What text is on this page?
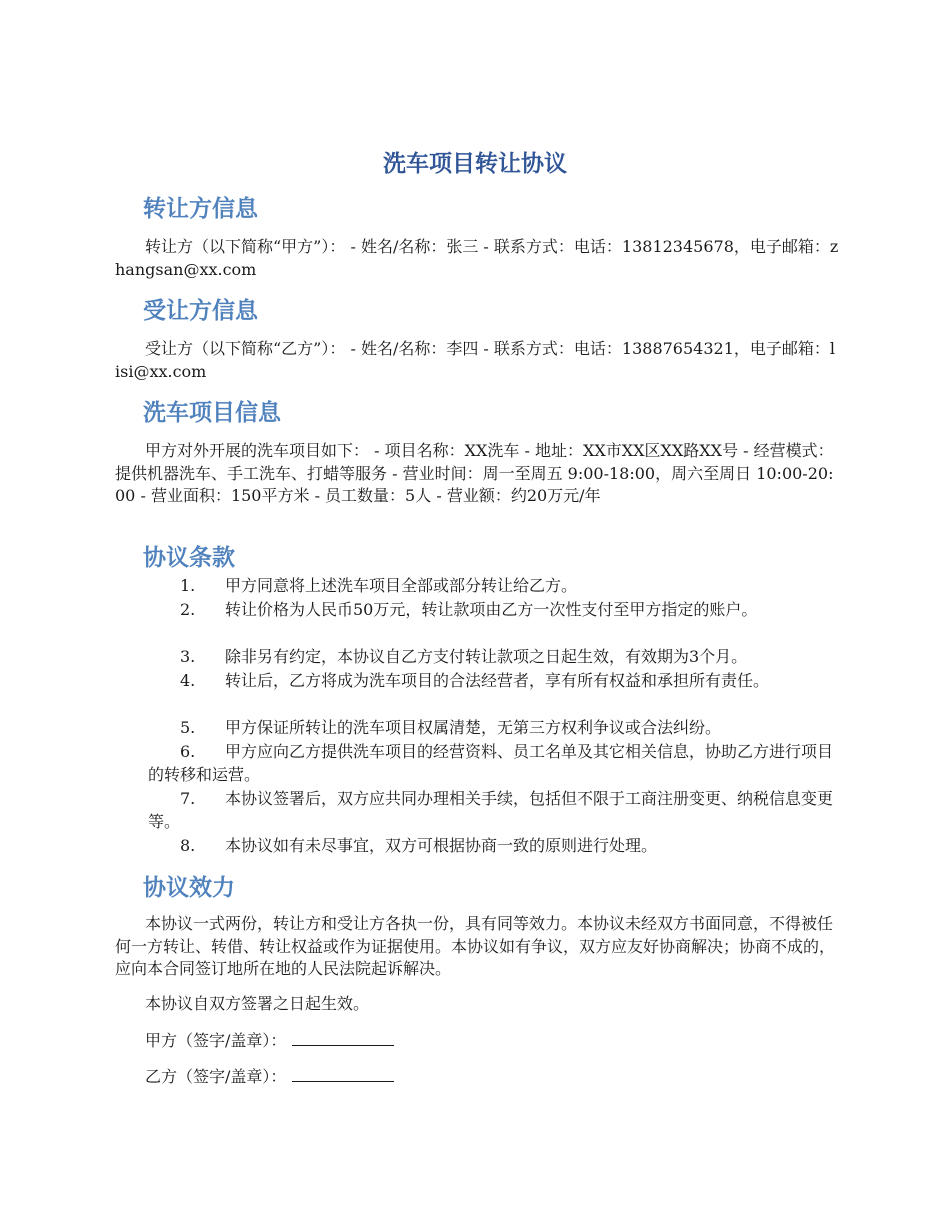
洗车项目转让协议
转让方信息
转让方（以下简称“甲方”）： - 姓名/名称：张三 - 联系方式：电话：13812345678，电子邮箱：zhangsan@xx.com
受让方信息
受让方（以下简称“乙方”）： - 姓名/名称：李四 - 联系方式：电话：13887654321，电子邮箱：lisi@xx.com
洗车项目信息
甲方对外开展的洗车项目如下： - 项目名称：XX洗车 - 地址：XX市XX区XX路XX号 - 经营模式：提供机器洗车、手工洗车、打蜡等服务 - 营业时间：周一至周五 9:00-18:00，周六至周日 10:00-20:00 - 营业面积：150平方米 - 员工数量：5人 - 营业额：约20万元/年
协议条款
1. 甲方同意将上述洗车项目全部或部分转让给乙方。
2. 转让价格为人民币50万元，转让款项由乙方一次性支付至甲方指定的账户。
3. 除非另有约定，本协议自乙方支付转让款项之日起生效，有效期为3个月。
4. 转让后，乙方将成为洗车项目的合法经营者，享有所有权益和承担所有责任。
5. 甲方保证所转让的洗车项目权属清楚，无第三方权利争议或合法纠纷。
6. 甲方应向乙方提供洗车项目的经营资料、员工名单及其它相关信息，协助乙方进行项目的转移和运营。
7. 本协议签署后，双方应共同办理相关手续，包括但不限于工商注册变更、纳税信息变更等。
8. 本协议如有未尽事宜，双方可根据协商一致的原则进行处理。
协议效力
本协议一式两份，转让方和受让方各执一份，具有同等效力。本协议未经双方书面同意，不得被任何一方转让、转借、转让权益或作为证据使用。本协议如有争议，双方应友好协商解决；协商不成的，应向本合同签订地所在地的人民法院起诉解决。
本协议自双方签署之日起生效。
甲方（签字/盖章）：
乙方（签字/盖章）：
